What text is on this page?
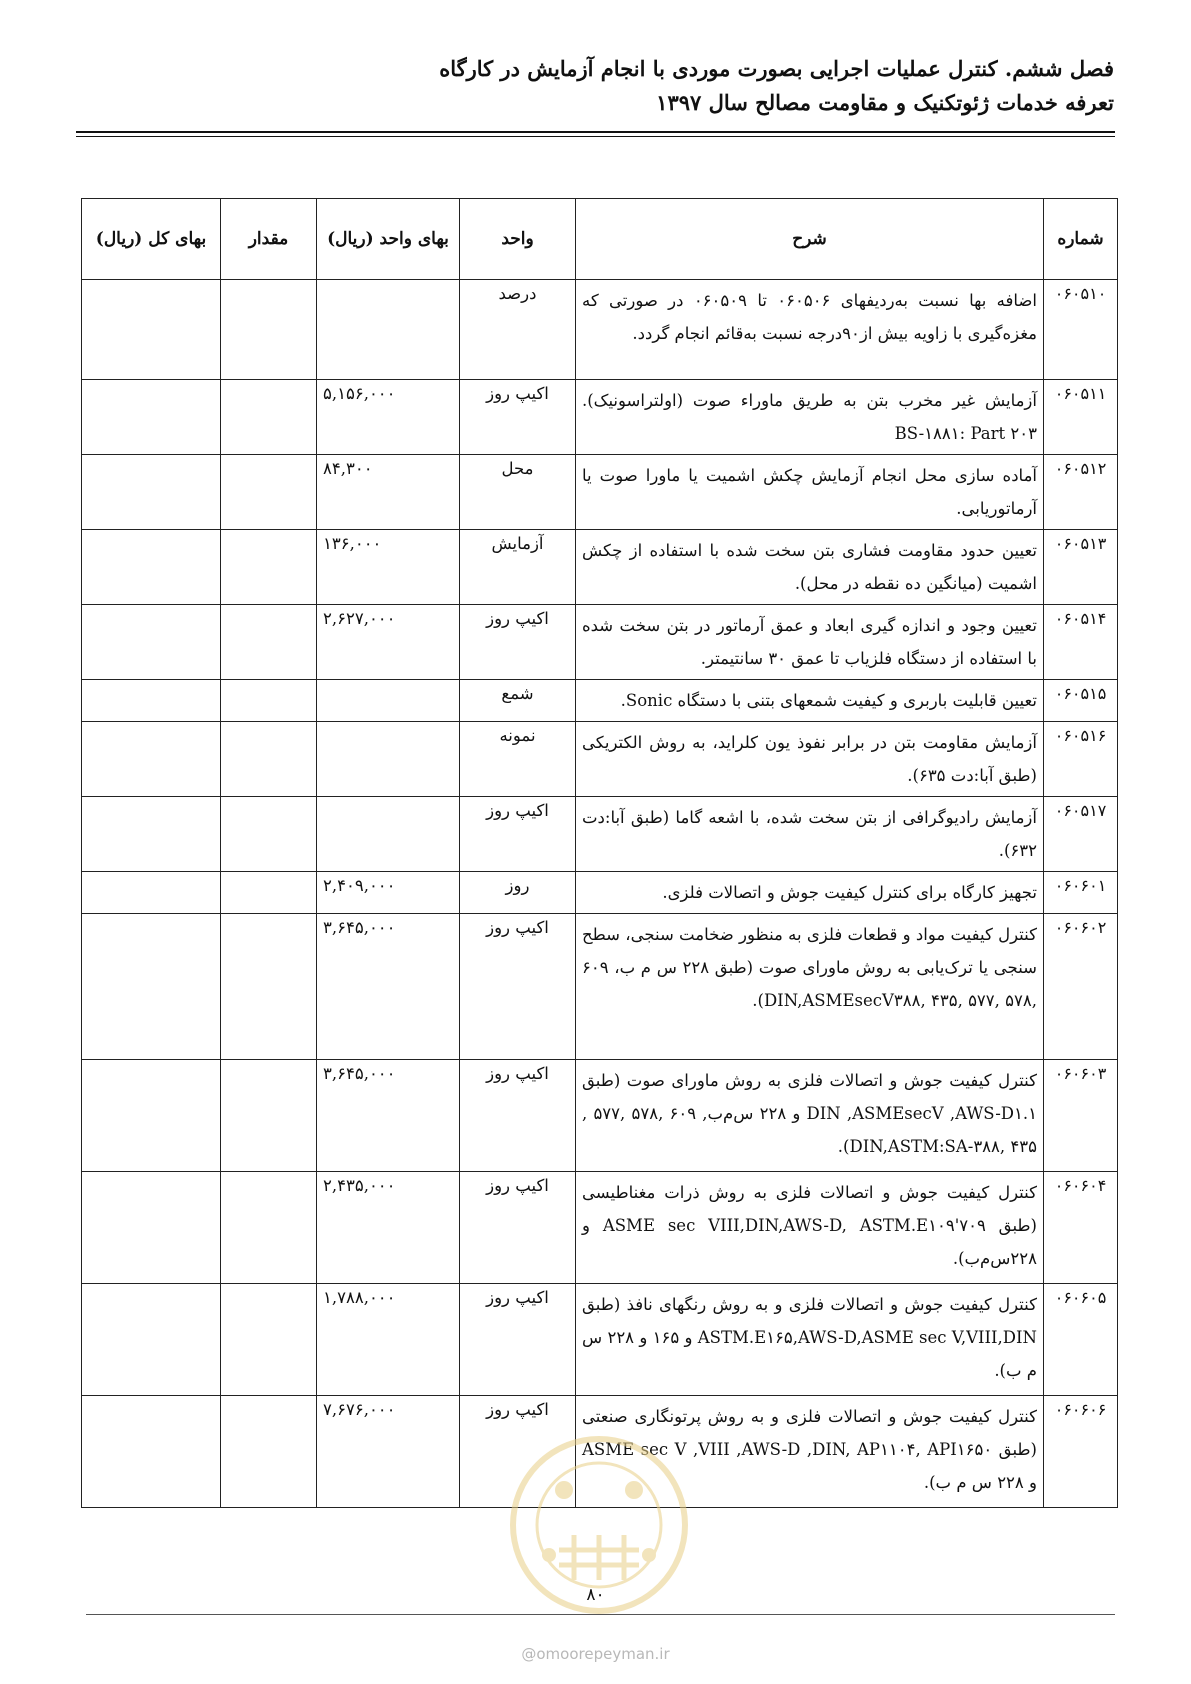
فصل ششم. کنترل عملیات اجرایی بصورت موردی با انجام آزمایش در کارگاه
تعرفه خدمات ژئوتکنیک و مقاومت مصالح سال ۱۳۹۷
شماره	شرح	واحد	بهای واحد (ریال)	مقدار	بهای کل (ریال)
۰۶۰۵۱۰	اضافه بها نسبت به‌ردیفهای ۰۶۰۵۰۶ تا ۰۶۰۵۰۹ در صورتی که مغزه‌گیری با زاویه بیش از۹۰درجه نسبت به‌قائم انجام گردد.	درصد			
۰۶۰۵۱۱	آزمایش غیر مخرب بتن به طریق ماوراء صوت (اولتراسونیک). BS-۱۸۸۱: Part ۲۰۳	اکیپ روز	۵,۱۵۶,۰۰۰		
۰۶۰۵۱۲	آماده سازی محل انجام آزمایش چکش اشمیت یا ماورا صوت یا آرماتوریابی.	محل	۸۴,۳۰۰		
۰۶۰۵۱۳	تعیین حدود مقاومت فشاری بتن سخت شده با استفاده از چکش اشمیت (میانگین ده نقطه در محل).	آزمایش	۱۳۶,۰۰۰		
۰۶۰۵۱۴	تعیین وجود و اندازه گیری ابعاد و عمق آرماتور در بتن سخت شده با استفاده از دستگاه فلزیاب تا عمق ۳۰ سانتیمتر.	اکیپ روز	۲,۶۲۷,۰۰۰		
۰۶۰۵۱۵	تعیین قابلیت باربری و کیفیت شمعهای بتنی با دستگاه Sonic.	شمع			
۰۶۰۵۱۶	آزمایش مقاومت بتن در برابر نفوذ یون کلراید، به روش الکتریکی (طبق آبا:دت ۶۳۵).	نمونه			
۰۶۰۵۱۷	آزمایش رادیوگرافی از بتن سخت شده، با اشعه گاما (طبق آبا:دت ۶۳۲).	اکیپ روز			
۰۶۰۶۰۱	تجهیز کارگاه برای کنترل کیفیت جوش و اتصالات فلزی.	روز	۲,۴۰۹,۰۰۰		
۰۶۰۶۰۲	کنترل کیفیت مواد و قطعات فلزی به منظور ضخامت سنجی، سطح سنجی یا ترک‌یابی به روش ماورای صوت (طبق ۲۲۸ س م ب، ۶۰۹ ,۵۷۸ ,۵۷۷ ,۴۳۵ ,DIN,ASMEsecV۳۸۸).	اکیپ روز	۳,۶۴۵,۰۰۰		
۰۶۰۶۰۳	کنترل کیفیت جوش و اتصالات فلزی به روش ماورای صوت (طبق DIN ,ASMEsecV ,AWS-D۱.۱ و ۲۲۸ س‌م‌ب, ۶۰۹ ,۵۷۸ ,۵۷۷ , ۴۳۵ ,DIN,ASTM:SA-۳۸۸).	اکیپ روز	۳,۶۴۵,۰۰۰		
۰۶۰۶۰۴	کنترل کیفیت جوش و اتصالات فلزی به روش ذرات مغناطیسی (طبق ASME sec VIII,DIN,AWS-D, ASTM.E۱۰۹'۷۰۹ و ۲۲۸س‌م‌ب).	اکیپ روز	۲,۴۳۵,۰۰۰		
۰۶۰۶۰۵	کنترل کیفیت جوش و اتصالات فلزی و به روش رنگهای نافذ (طبق ASTM.E۱۶۵,AWS-D,ASME sec V,VIII,DIN و ۱۶۵ و ۲۲۸ س م ب).	اکیپ روز	۱,۷۸۸,۰۰۰		
۰۶۰۶۰۶	کنترل کیفیت جوش و اتصالات فلزی و به روش پرتونگاری صنعتی (طبق ASME sec V ,VIII ,AWS-D ,DIN, AP۱۱۰۴, API۱۶۵۰ و ۲۲۸ س م ب).	اکیپ روز	۷,۶۷۶,۰۰۰		
۸۰
@omoorepeyman.ir
